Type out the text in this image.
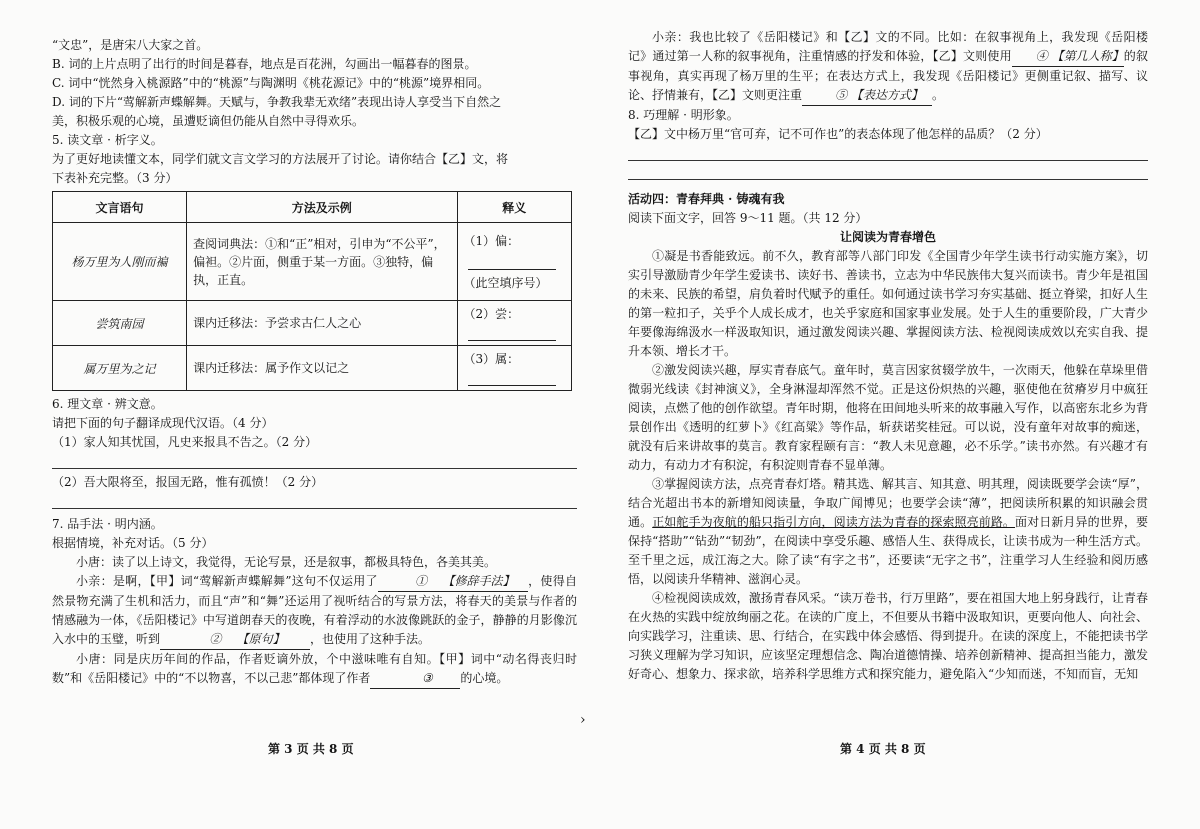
“文忠”，是唐宋八大家之首。

B. 词的上片点明了出行的时间是暮春，地点是百花洲，勾画出一幅暮春的图景。

C. 词中“恍然身入桃源路”中的“桃源”与陶渊明《桃花源记》中的“桃源”境界相同。

D. 词的下片“莺解新声蝶解舞。天赋与，争教我辈无欢绪”表现出诗人享受当下自然之

美，积极乐观的心境，虽遭贬谪但仍能从自然中寻得欢乐。

5. 读文章 · 析字义。

为了更好地读懂文本，同学们就文言文学习的方法展开了讨论。请你结合【乙】文，将

下表补充完整。（3 分）

文言语句	方法及示例	释义
杨万里为人刚而褊	查阅词典法：①和“正”相对，引申为“不公平”，偏袒。②片面，侧重于某一方面。③独特，偏执，正直。	（1）偏：
（此空填序号）
尝筑南园	课内迁移法：予尝求古仁人之心	（2）尝：

属万里为之记	课内迁移法：属予作文以记之	（3）属：

6. 理文章 · 辨文意。

请把下面的句子翻译成现代汉语。（4 分）

（1）家人知其忧国，凡史来报具不告之。（2 分）

（2）吾大限将至，报国无路，惟有孤愤！（2 分）

7. 品手法 · 明内涵。

根据情境，补充对话。（5 分）

小唐：读了以上诗文，我觉得，无论写景，还是叙事，都极具特色，各美其美。

小亲：是啊，【甲】词“莺解新声蝶解舞”这句不仅运用了	① 【修辞手法】 ，使得自然景物充满了生机和活力，而且“声”和“舞”还运用了视听结合的写景方法，将春天的美景与作者的情感融为一体，《岳阳楼记》中写道朗春天的夜晚，有着浮动的水波像跳跃的金子，静静的月影像沉入水中的玉璧，听到	② 【原句】 ，也使用了这种手法。
小唐：同是庆历年间的作品，作者贬谪外放，个中滋味唯有自知。【甲】词中“动名得丧归时数”和《岳阳楼记》中的“不以物喜，不以己悲”都体现了作者	③ 的心境。
第 3 页 共 8 页
›
小亲：我也比较了《岳阳楼记》和【乙】文的不同。比如：在叙事视角上，我发现《岳阳楼记》通过第一人称的叙事视角，注重情感的抒发和体验，【乙】文则使用 ④ 【第几人称】的叙事视角，真实再现了杨万里的生平；在表达方式上，我发现《岳阳楼记》更侧重记叙、描写、议论、抒情兼有，【乙】文则更注重	⑤ 【表达方式】 。

8. 巧理解 · 明形象。

【乙】文中杨万里“官可弃，记不可作也”的表态体现了他怎样的品质？（2 分）

活动四：青春拜典 · 铸魂有我

阅读下面文字，回答 9～11 题。（共 12 分）

让阅读为青春增色

①凝是书香能致远。前不久，教育部等八部门印发《全国青少年学生读书行动实施方案》，切实引导激励青少年学生爱读书、读好书、善读书，立志为中华民族伟大复兴而读书。青少年是祖国的未来、民族的希望，肩负着时代赋予的重任。如何通过读书学习夯实基础、挺立脊梁，扣好人生的第一粒扣子，关乎个人成长成才，也关乎家庭和国家事业发展。处于人生的重要阶段，广大青少年要像海绵汲水一样汲取知识，通过激发阅读兴趣、掌握阅读方法、检视阅读成效以充实自我、提升本领、增长才干。

②激发阅读兴趣，厚实青春底气。童年时，莫言因家贫辍学放牛，一次雨天，他躲在草垛里借微弱光线读《封神演义》，全身淋湿却浑然不觉。正是这份炽热的兴趣，驱使他在贫瘠岁月中疯狂阅读，点燃了他的创作欲望。青年时期，他将在田间地头听来的故事融入写作，以高密东北乡为背景创作出《透明的红萝卜》《红高粱》等作品，斩获诺奖桂冠。可以说，没有童年对故事的痴迷，就没有后来讲故事的莫言。教育家程颐有言：“教人未见意趣，必不乐学。”读书亦然。有兴趣才有动力，有动力才有积淀，有积淀则青春不显单薄。

③掌握阅读方法，点亮青春灯塔。精其选、解其言、知其意、明其理，阅读既要学会读“厚”，结合光超出书本的新增知阅读量，争取广闻博见；也要学会读“薄”，把阅读所积累的知识融会贯通。正如舵手为夜航的船只指引方向，阅读方法为青春的探索照亮前路。面对日新月异的世界，要保持“搭助”“钻劲”“韧劲”，在阅读中享受乐趣、感悟人生、获得成长，让读书成为一种生活方式。至千里之远，成江海之大。除了读“有字之书”，还要读“无字之书”，注重学习人生经验和阅历感悟，以阅读升华精神、滋润心灵。

④检视阅读成效，激扬青春风采。“读万卷书，行万里路”，要在祖国大地上躬身践行，让青春在火热的实践中绽放绚丽之花。在读的广度上，不但要从书籍中汲取知识，更要向他人、向社会、向实践学习，注重读、思、行结合，在实践中体会感悟、得到提升。在读的深度上，不能把读书学习狭义理解为学习知识，应该坚定理想信念、陶冶道德情操、培养创新精神、提高担当能力，激发好奇心、想象力、探求欲，培养科学思维方式和探究能力，避免陷入“少知而迷，不知而盲，无知

第 4 页 共 8 页
